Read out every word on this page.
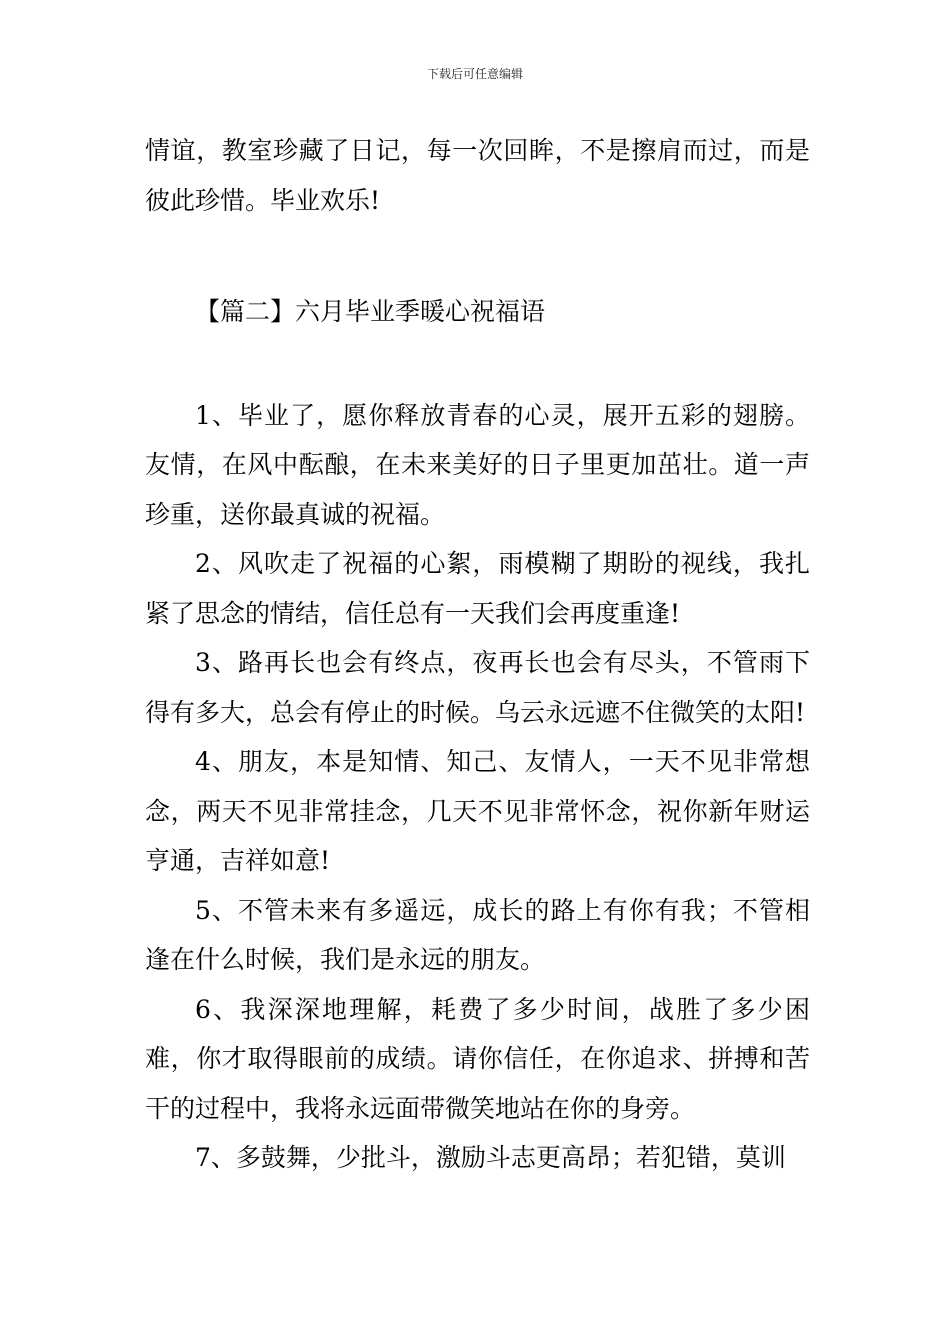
下载后可任意编辑

情谊，教室珍藏了日记，每一次回眸，不是擦肩而过，而是彼此珍惜。毕业欢乐!

【篇二】六月毕业季暖心祝福语

1、毕业了，愿你释放青春的心灵，展开五彩的翅膀。友情，在风中酝酿，在未来美好的日子里更加茁壮。道一声珍重，送你最真诚的祝福。

2、风吹走了祝福的心絮，雨模糊了期盼的视线，我扎紧了思念的情结，信任总有一天我们会再度重逢!

3、路再长也会有终点，夜再长也会有尽头，不管雨下得有多大，总会有停止的时候。乌云永远遮不住微笑的太阳!

4、朋友，本是知情、知己、友情人，一天不见非常想念，两天不见非常挂念，几天不见非常怀念，祝你新年财运亨通，吉祥如意!

5、不管未来有多遥远，成长的路上有你有我；不管相逢在什么时候，我们是永远的朋友。

6、我深深地理解，耗费了多少时间，战胜了多少困难，你才取得眼前的成绩。请你信任，在你追求、拼搏和苦干的过程中，我将永远面带微笑地站在你的身旁。

7、多鼓舞，少批斗，激励斗志更高昂；若犯错，莫训
